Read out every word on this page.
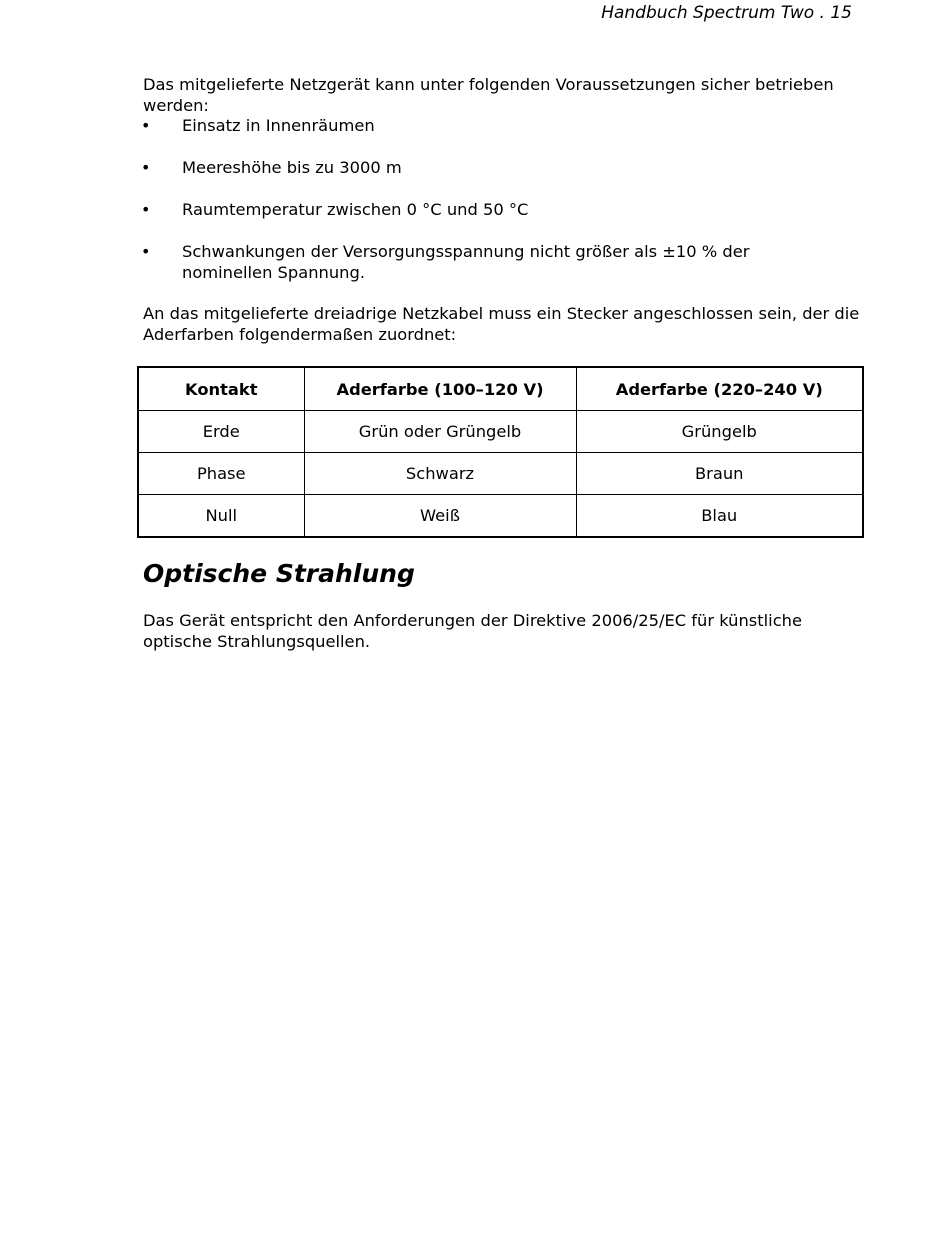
Handbuch Spectrum Two . 15

Das mitgelieferte Netzgerät kann unter folgenden Voraussetzungen sicher betrieben werden:

• Einsatz in Innenräumen
• Meereshöhe bis zu 3000 m
• Raumtemperatur zwischen 0 °C und 50 °C
• Schwankungen der Versorgungsspannung nicht größer als ±10 % der nominellen Spannung.

An das mitgelieferte dreiadrige Netzkabel muss ein Stecker angeschlossen sein, der die Aderfarben folgendermaßen zuordnet:

Kontakt	Aderfarbe (100–120 V)	Aderfarbe (220–240 V)
Erde	Grün oder Grüngelb	Grüngelb
Phase	Schwarz	Braun
Null	Weiß	Blau
Optische Strahlung

Das Gerät entspricht den Anforderungen der Direktive 2006/25/EC für künstliche optische Strahlungsquellen.
